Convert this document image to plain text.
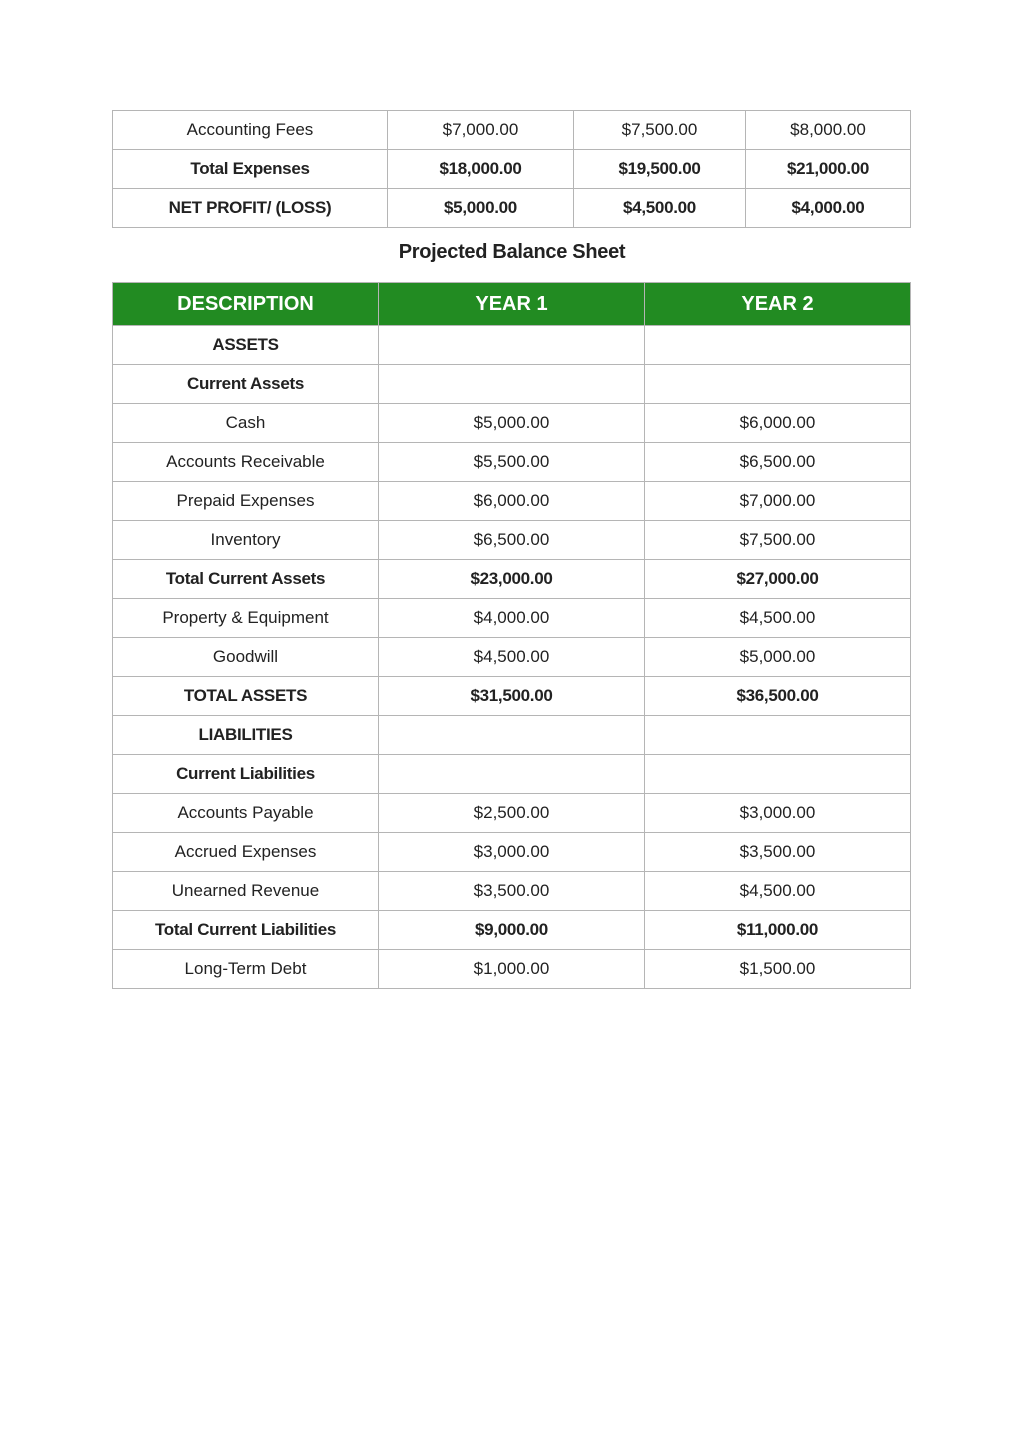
Accounting Fees	$7,000.00	$7,500.00	$8,000.00
Total Expenses	$18,000.00	$19,500.00	$21,000.00
NET PROFIT/ (LOSS)	$5,000.00	$4,500.00	$4,000.00
Projected Balance Sheet
DESCRIPTION	YEAR 1	YEAR 2
ASSETS		
Current Assets		
Cash	$5,000.00	$6,000.00
Accounts Receivable	$5,500.00	$6,500.00
Prepaid Expenses	$6,000.00	$7,000.00
Inventory	$6,500.00	$7,500.00
Total Current Assets	$23,000.00	$27,000.00
Property & Equipment	$4,000.00	$4,500.00
Goodwill	$4,500.00	$5,000.00
TOTAL ASSETS	$31,500.00	$36,500.00
LIABILITIES		
Current Liabilities		
Accounts Payable	$2,500.00	$3,000.00
Accrued Expenses	$3,000.00	$3,500.00
Unearned Revenue	$3,500.00	$4,500.00
Total Current Liabilities	$9,000.00	$11,000.00
Long-Term Debt	$1,000.00	$1,500.00
